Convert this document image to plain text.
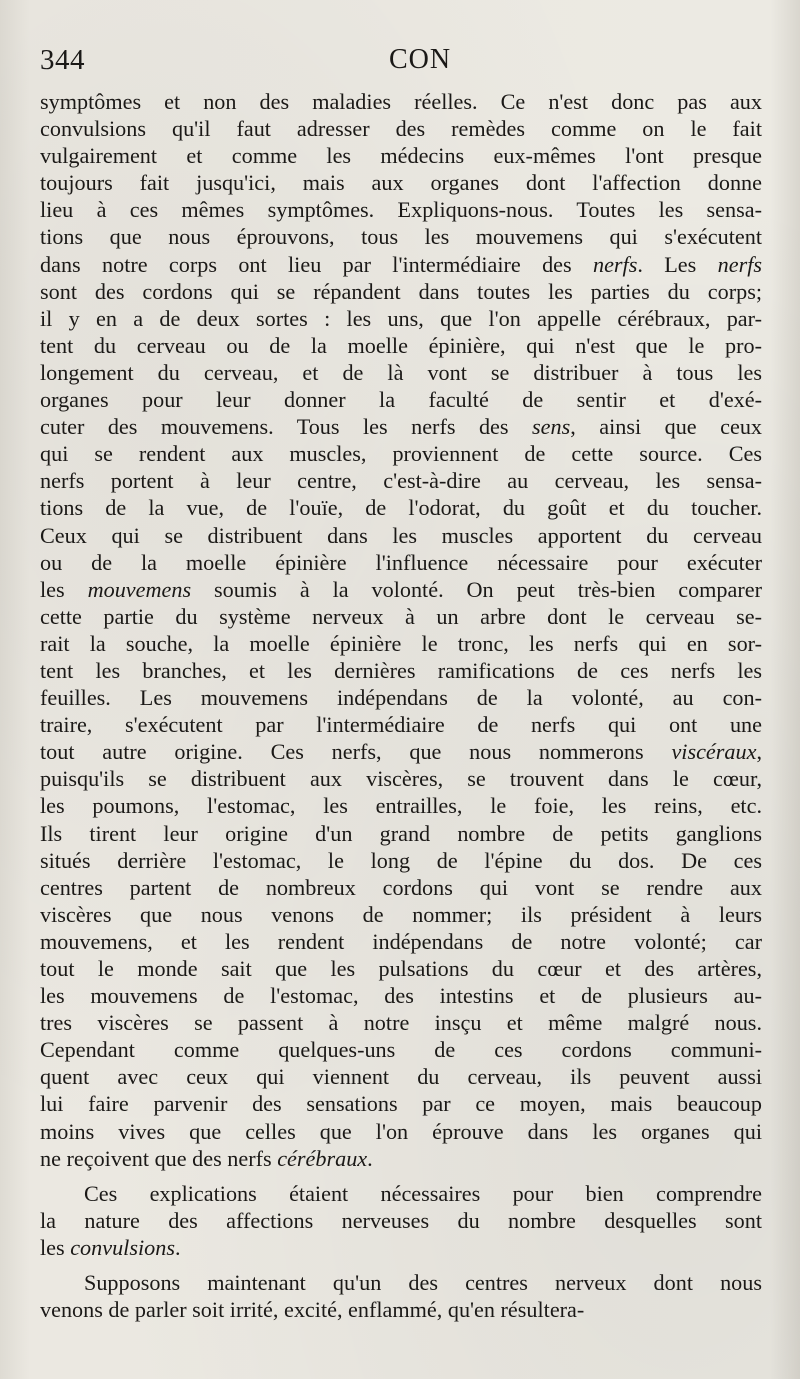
344	CON
symptômes et non des maladies réelles. Ce n'est donc pas aux
convulsions qu'il faut adresser des remèdes comme on le fait
vulgairement et comme les médecins eux-mêmes l'ont presque
toujours fait jusqu'ici, mais aux organes dont l'affection donne
lieu à ces mêmes symptômes. Expliquons-nous. Toutes les sensa-
tions que nous éprouvons, tous les mouvemens qui s'exécutent
dans notre corps ont lieu par l'intermédiaire des nerfs. Les nerfs
sont des cordons qui se répandent dans toutes les parties du corps;
il y en a de deux sortes : les uns, que l'on appelle cérébraux, par-
tent du cerveau ou de la moelle épinière, qui n'est que le pro-
longement du cerveau, et de là vont se distribuer à tous les
organes pour leur donner la faculté de sentir et d'exé-
cuter des mouvemens. Tous les nerfs des sens, ainsi que ceux
qui se rendent aux muscles, proviennent de cette source. Ces
nerfs portent à leur centre, c'est-à-dire au cerveau, les sensa-
tions de la vue, de l'ouïe, de l'odorat, du goût et du toucher.
Ceux qui se distribuent dans les muscles apportent du cerveau
ou de la moelle épinière l'influence nécessaire pour exécuter
les mouvemens soumis à la volonté. On peut très-bien comparer
cette partie du système nerveux à un arbre dont le cerveau se-
rait la souche, la moelle épinière le tronc, les nerfs qui en sor-
tent les branches, et les dernières ramifications de ces nerfs les
feuilles. Les mouvemens indépendans de la volonté, au con-
traire, s'exécutent par l'intermédiaire de nerfs qui ont une
tout autre origine. Ces nerfs, que nous nommerons viscéraux,
puisqu'ils se distribuent aux viscères, se trouvent dans le cœur,
les poumons, l'estomac, les entrailles, le foie, les reins, etc.
Ils tirent leur origine d'un grand nombre de petits ganglions
situés derrière l'estomac, le long de l'épine du dos. De ces
centres partent de nombreux cordons qui vont se rendre aux
viscères que nous venons de nommer; ils président à leurs
mouvemens, et les rendent indépendans de notre volonté; car
tout le monde sait que les pulsations du cœur et des artères,
les mouvemens de l'estomac, des intestins et de plusieurs au-
tres viscères se passent à notre insçu et même malgré nous.
Cependant comme quelques-uns de ces cordons communi-
quent avec ceux qui viennent du cerveau, ils peuvent aussi
lui faire parvenir des sensations par ce moyen, mais beaucoup
moins vives que celles que l'on éprouve dans les organes qui
ne reçoivent que des nerfs cérébraux.
Ces explications étaient nécessaires pour bien comprendre
la nature des affections nerveuses du nombre desquelles sont
les convulsions.
Supposons maintenant qu'un des centres nerveux dont nous
venons de parler soit irrité, excité, enflammé, qu'en résultera-
